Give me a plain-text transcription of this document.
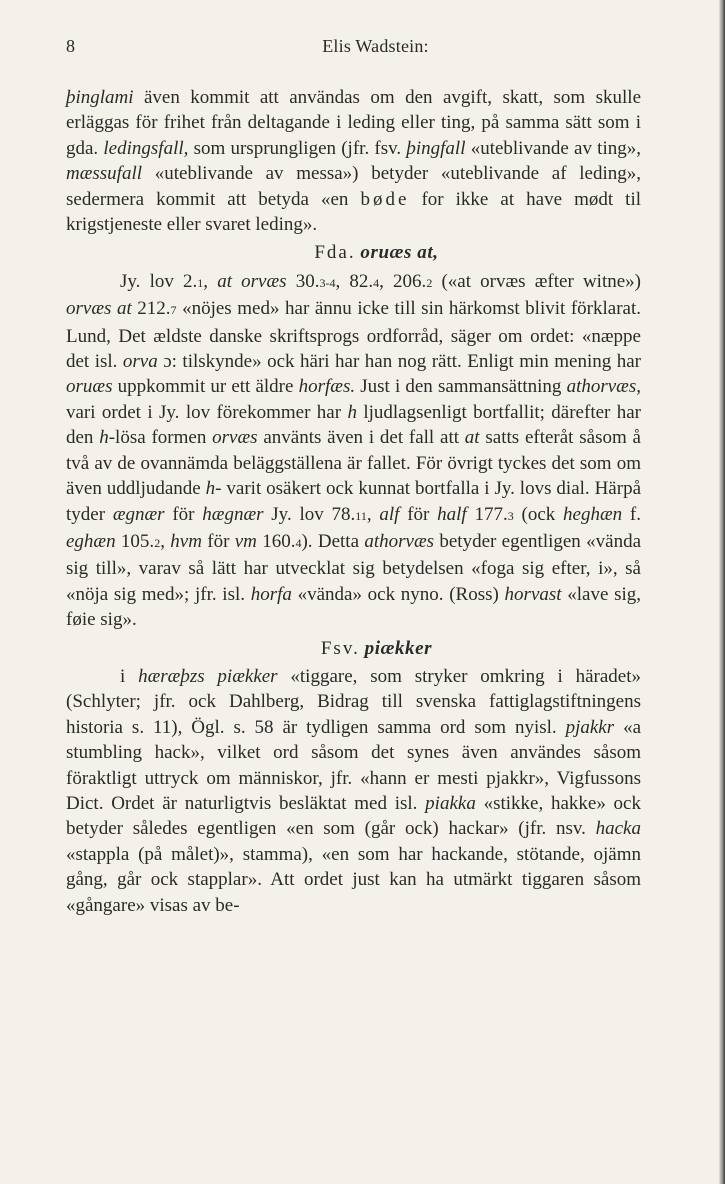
8	Elis Wadstein:

þinglami även kommit att användas om den avgift, skatt, som skulle erläggas för frihet från deltagande i leding eller ting, på samma sätt som i gda. ledingsfall, som ursprungligen (jfr. fsv. þingfall «uteblivande av ting», mæssufall «uteblivande av messa») betyder «uteblivande af leding», sedermera kommit att betyda «en bøde for ikke at have mødt til krigstjeneste eller svaret leding».

Fda. oruæs at,

Jy. lov 2.1, at orvæs 30.3-4, 82.4, 206.2 («at orvæs æfter witne») orvæs at 212.7 «nöjes med» har ännu icke till sin härkomst blivit förklarat. Lund, Det ældste danske skriftsprogs ordforråd, säger om ordet: «næppe det isl. orva ɔ: tilskynde» ock häri har han nog rätt. Enligt min mening har oruæs uppkommit ur ett äldre horfæs. Just i den sammansättning athorvæs, vari ordet i Jy. lov förekommer har h ljudlagsenligt bortfallit; därefter har den h-lösa formen orvæs använts även i det fall att at satts efteråt såsom å två av de ovannämda beläggställena är fallet. För övrigt tyckes det som om även uddljudande h- varit osäkert ock kunnat bortfalla i Jy. lovs dial. Härpå tyder ægnær för hægnær Jy. lov 78.11, alf för half 177.3 (ock heghæn f. eghæn 105.2, hvm för vm 160.4). Detta athorvæs betyder egentligen «vända sig till», varav så lätt har utvecklat sig betydelsen «foga sig efter, i», så «nöja sig med»; jfr. isl. horfa «vända» ock nyno. (Ross) horvast «lave sig, føie sig».

Fsv. piækker

i hæræþzs piækker «tiggare, som stryker omkring i häradet» (Schlyter; jfr. ock Dahlberg, Bidrag till svenska fattiglagstiftningens historia s. 11), Ögl. s. 58 är tydligen samma ord som nyisl. pjakkr «a stumbling hack», vilket ord såsom det synes även användes såsom föraktligt uttryck om människor, jfr. «hann er mesti pjakkr», Vigfussons Dict. Ordet är naturligtvis besläktat med isl. piakka «stikke, hakke» ock betyder således egentligen «en som (går ock) hackar» (jfr. nsv. hacka «stappla (på målet)», stamma), «en som har hackande, stötande, ojämn gång, går ock stapplar». Att ordet just kan ha utmärkt tiggaren såsom «gångare» visas av be-
